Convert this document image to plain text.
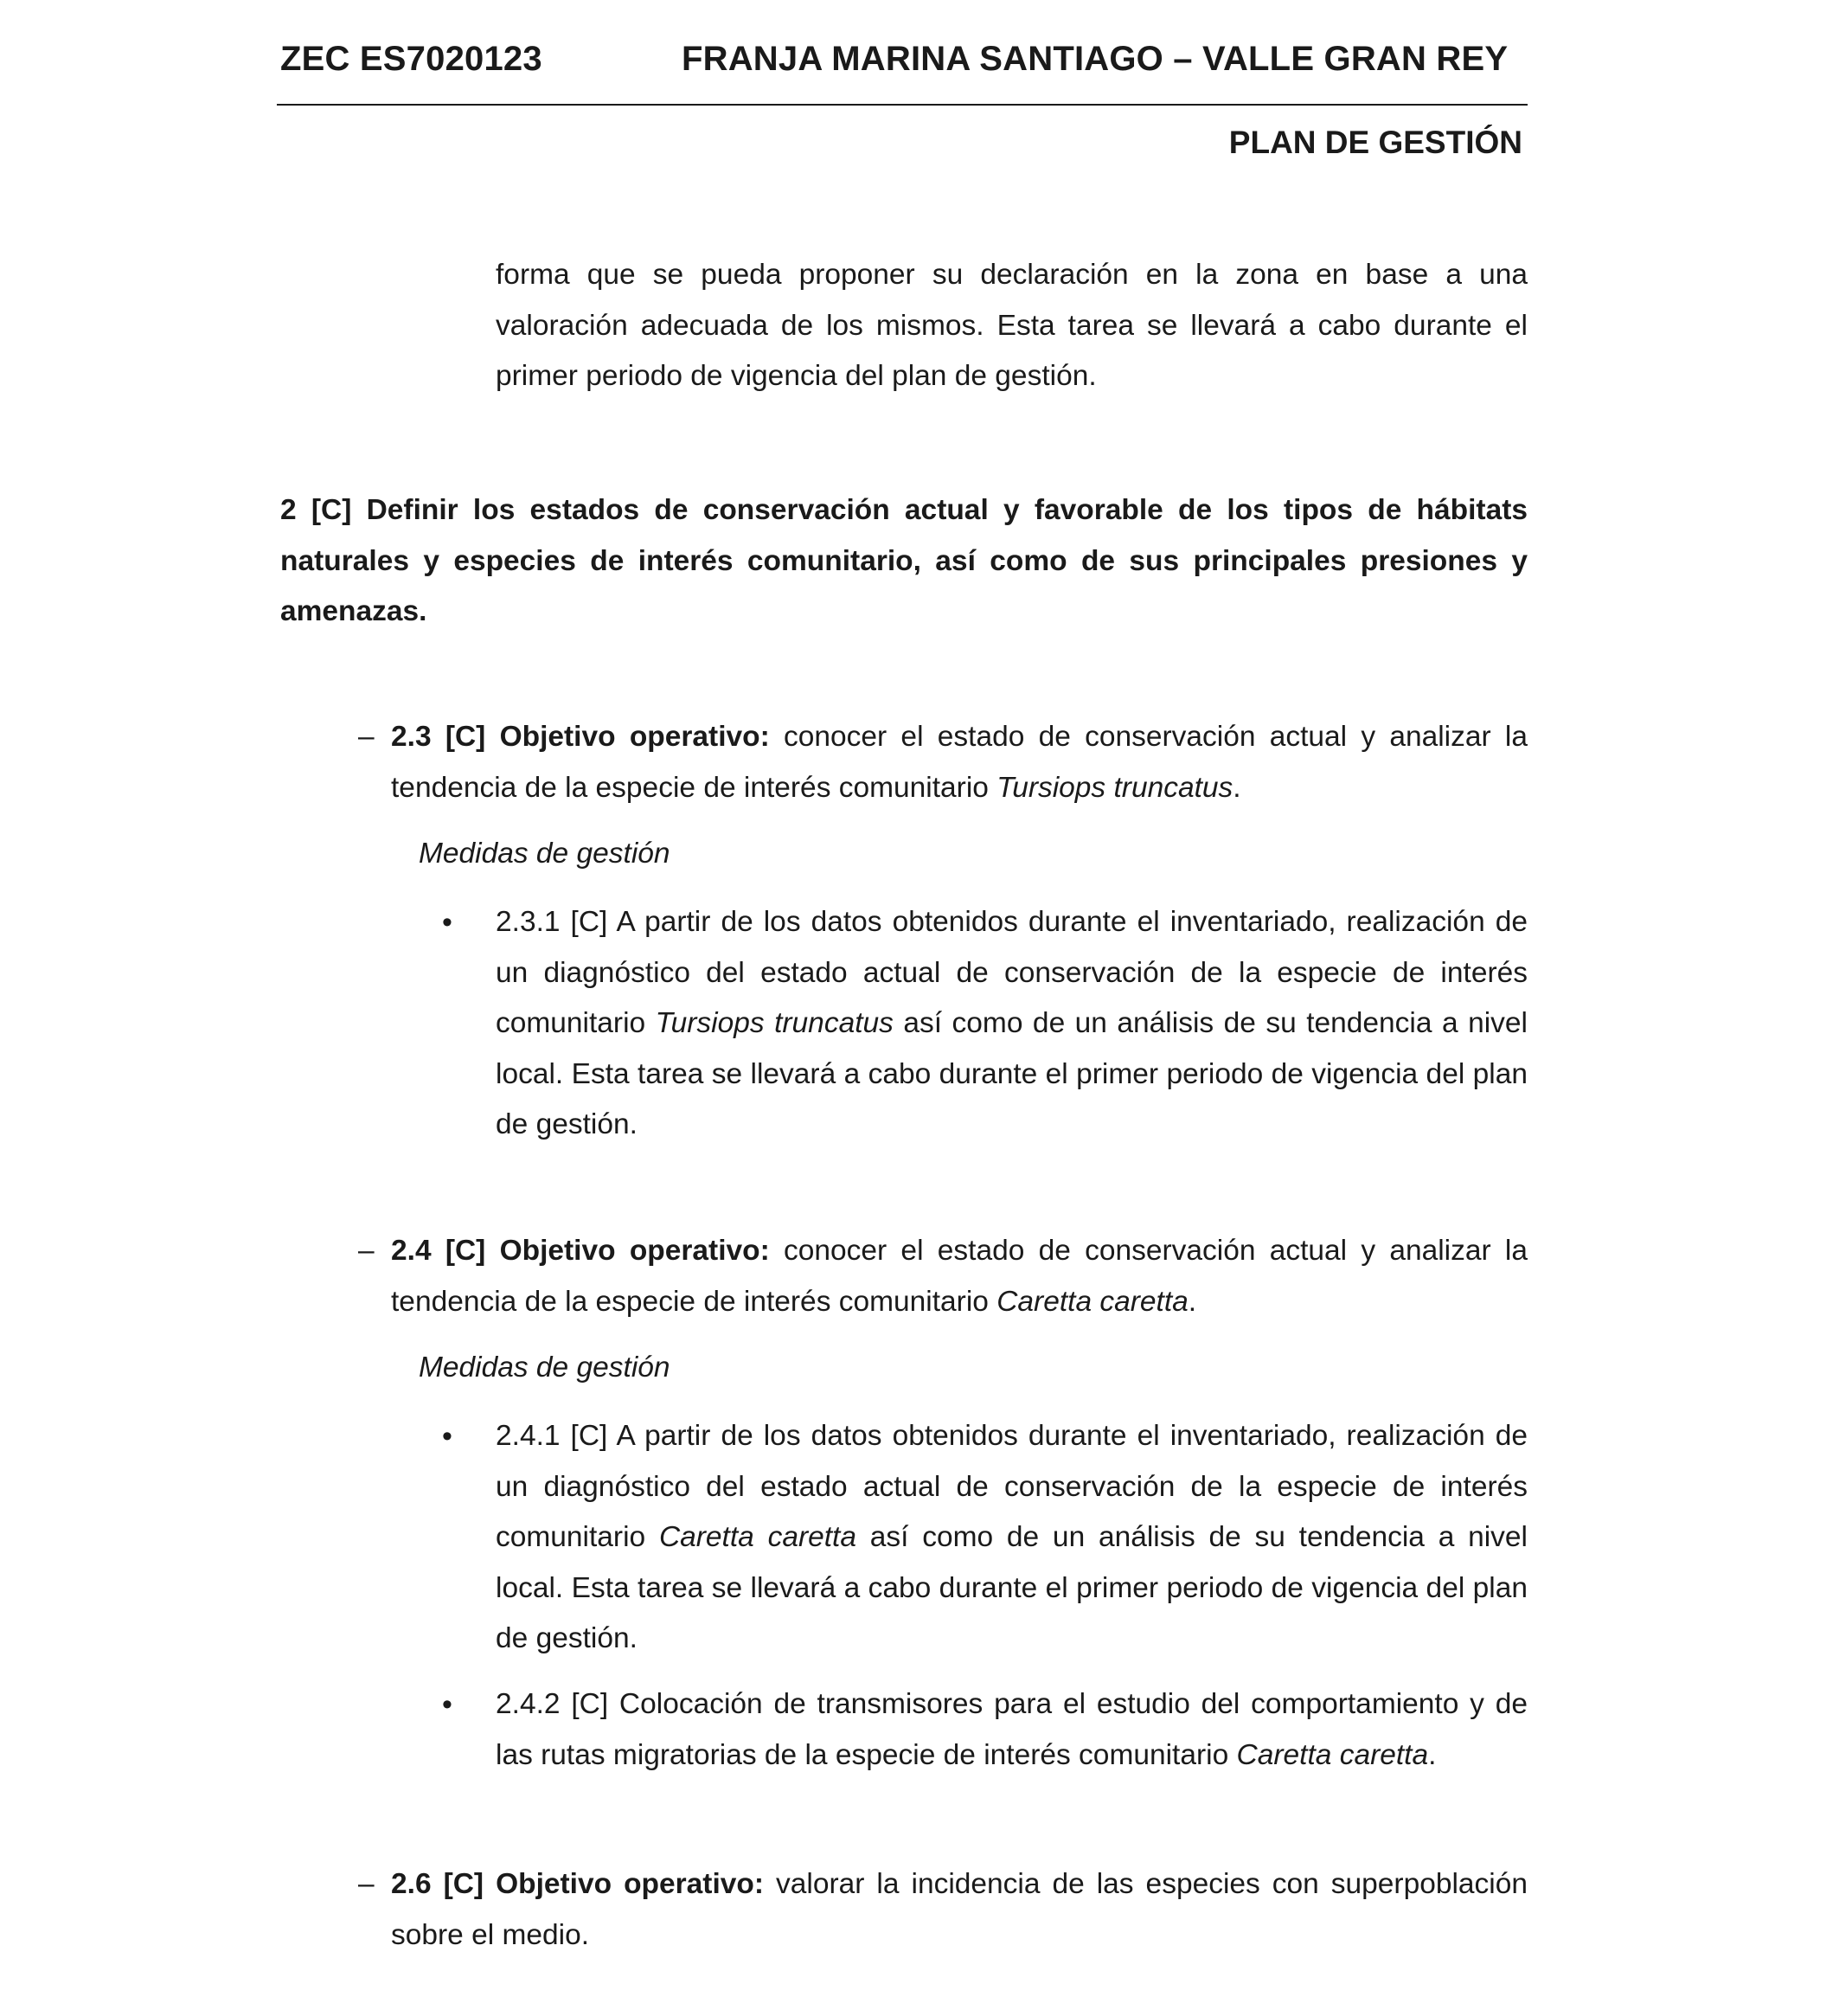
ZEC ES7020123	FRANJA MARINA SANTIAGO – VALLE GRAN REY
PLAN DE GESTIÓN
forma que se pueda proponer su declaración en la zona en base a una valoración adecuada de los mismos. Esta tarea se llevará a cabo durante el primer periodo de vigencia del plan de gestión.
2 [C] Definir los estados de conservación actual y favorable de los tipos de hábitats naturales y especies de interés comunitario, así como de sus principales presiones y amenazas.
– 2.3 [C] Objetivo operativo: conocer el estado de conservación actual y analizar la tendencia de la especie de interés comunitario Tursiops truncatus.
Medidas de gestión
• 2.3.1 [C] A partir de los datos obtenidos durante el inventariado, realización de un diagnóstico del estado actual de conservación de la especie de interés comunitario Tursiops truncatus así como de un análisis de su tendencia a nivel local. Esta tarea se llevará a cabo durante el primer periodo de vigencia del plan de gestión.
– 2.4 [C] Objetivo operativo: conocer el estado de conservación actual y analizar la tendencia de la especie de interés comunitario Caretta caretta.
Medidas de gestión
• 2.4.1 [C] A partir de los datos obtenidos durante el inventariado, realización de un diagnóstico del estado actual de conservación de la especie de interés comunitario Caretta caretta así como de un análisis de su tendencia a nivel local. Esta tarea se llevará a cabo durante el primer periodo de vigencia del plan de gestión.
• 2.4.2 [C] Colocación de transmisores para el estudio del comportamiento y de las rutas migratorias de la especie de interés comunitario Caretta caretta.
– 2.6 [C] Objetivo operativo: valorar la incidencia de las especies con superpoblación sobre el medio.
